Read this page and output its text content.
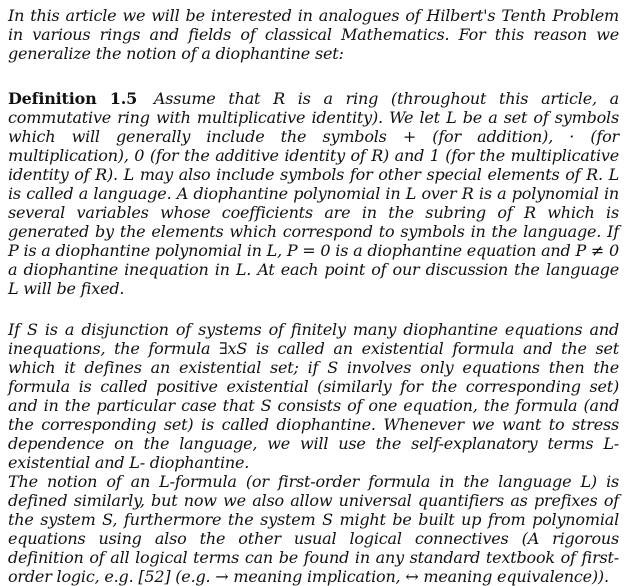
In this article we will be interested in analogues of Hilbert's Tenth Problem in various rings and fields of classical Mathematics. For this reason we generalize the notion of a diophantine set:

Definition 1.5 Assume that R is a ring (throughout this article, a commutative ring with multiplicative identity). We let L be a set of symbols which will generally include the symbols + (for addition), · (for multiplication), 0 (for the additive identity of R) and 1 (for the multiplicative identity of R). L may also include symbols for other special elements of R. L is called a language. A diophantine polynomial in L over R is a polynomial in several variables whose coefficients are in the subring of R which is generated by the elements which correspond to symbols in the language. If P is a diophantine polynomial in L, P = 0 is a diophantine equation and P ≠ 0 a diophantine inequation in L. At each point of our discussion the language L will be fixed.

If S is a disjunction of systems of finitely many diophantine equations and inequations, the formula ∃xS is called an existential formula and the set which it defines an existential set; if S involves only equations then the formula is called positive existential (similarly for the corresponding set) and in the particular case that S consists of one equation, the formula (and the corresponding set) is called diophantine. Whenever we want to stress dependence on the language, we will use the self-explanatory terms L-existential and L- diophantine.

The notion of an L-formula (or first-order formula in the language L) is defined similarly, but now we also allow universal quantifiers as prefixes of the system S, furthermore the system S might be built up from polynomial equations using also the other usual logical connectives (A rigorous definition of all logical terms can be found in any standard textbook of first-order logic, e.g. [52] (e.g. → meaning implication, ↔ meaning equivalence)).
